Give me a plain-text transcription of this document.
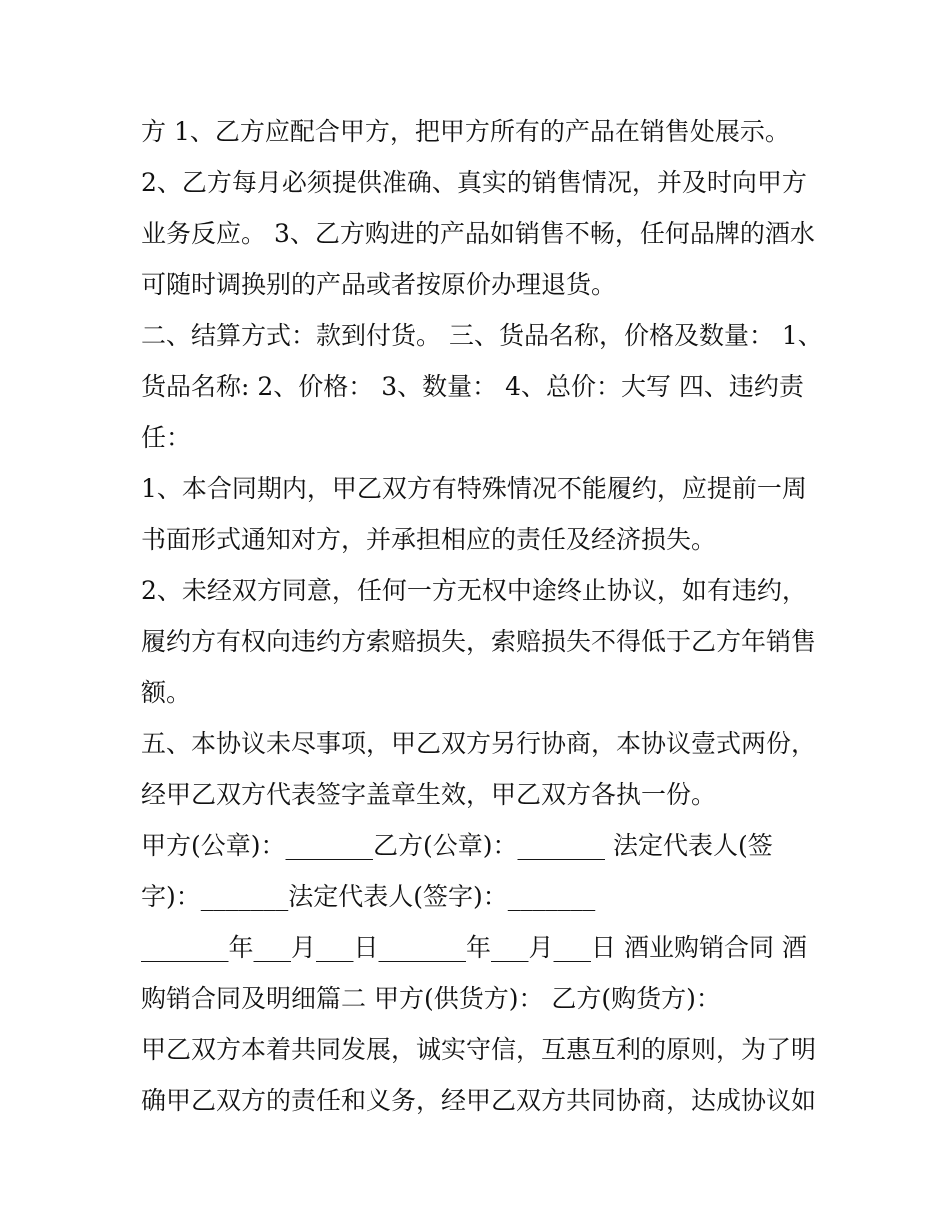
方 1、乙方应配合甲方，把甲方所有的产品在销售处展示。
2、乙方每月必须提供准确、真实的销售情况，并及时向甲方
业务反应。 3、乙方购进的产品如销售不畅，任何品牌的酒水
可随时调换别的产品或者按原价办理退货。
二、结算方式：款到付货。 三、货品名称，价格及数量： 1、
货品名称: 2、价格： 3、数量： 4、总价：大写 四、违约责
任：
1、本合同期内，甲乙双方有特殊情况不能履约，应提前一周
书面形式通知对方，并承担相应的责任及经济损失。
2、未经双方同意，任何一方无权中途终止协议，如有违约，
履约方有权向违约方索赔损失，索赔损失不得低于乙方年销售
额。
五、本协议未尽事项，甲乙双方另行协商，本协议壹式两份，
经甲乙双方代表签字盖章生效，甲乙双方各执一份。
甲方(公章)：_______乙方(公章)：_______ 法定代表人(签
字)：_______法定代表人(签字)：_______
_______年___月___日_______年___月___日 酒业购销合同 酒
购销合同及明细篇二 甲方(供货方)： 乙方(购货方)：
甲乙双方本着共同发展，诚实守信，互惠互利的原则，为了明
确甲乙双方的责任和义务，经甲乙双方共同协商，达成协议如
